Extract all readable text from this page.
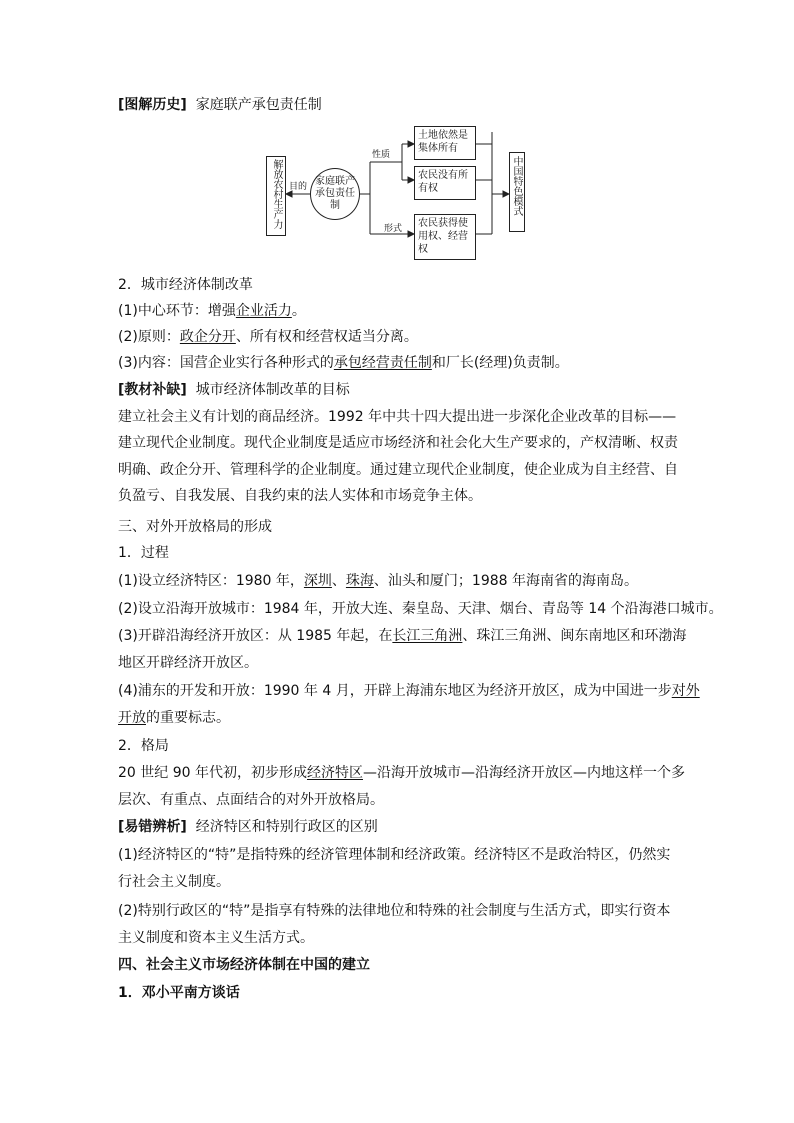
[图解历史] 家庭联产承包责任制
解放农村生产力 目的 家庭联产承包责任制
性质
形式
土地依然是集体所有
农民没有所有权
农民获得使用权、经营权
中国特色模式
2．城市经济体制改革
(1)中心环节：增强企业活力。
(2)原则：政企分开、所有权和经营权适当分离。
(3)内容：国营企业实行各种形式的承包经营责任制和厂长(经理)负责制。
[教材补缺] 城市经济体制改革的目标
建立社会主义有计划的商品经济。1992 年中共十四大提出进一步深化企业改革的目标——
建立现代企业制度。现代企业制度是适应市场经济和社会化大生产要求的，产权清晰、权责
明确、政企分开、管理科学的企业制度。通过建立现代企业制度，使企业成为自主经营、自
负盈亏、自我发展、自我约束的法人实体和市场竞争主体。
三、对外开放格局的形成
1．过程
(1)设立经济特区：1980 年，深圳、珠海、汕头和厦门；1988 年海南省的海南岛。
(2)设立沿海开放城市：1984 年，开放大连、秦皇岛、天津、烟台、青岛等 14 个沿海港口城市。
(3)开辟沿海经济开放区：从 1985 年起，在长江三角洲、珠江三角洲、闽东南地区和环渤海
地区开辟经济开放区。
(4)浦东的开发和开放：1990 年 4 月，开辟上海浦东地区为经济开放区，成为中国进一步对外
开放的重要标志。
2．格局
20 世纪 90 年代初，初步形成经济特区—沿海开放城市—沿海经济开放区—内地这样一个多
层次、有重点、点面结合的对外开放格局。
[易错辨析] 经济特区和特别行政区的区别
(1)经济特区的“特”是指特殊的经济管理体制和经济政策。经济特区不是政治特区，仍然实
行社会主义制度。
(2)特别行政区的“特”是指享有特殊的法律地位和特殊的社会制度与生活方式，即实行资本
主义制度和资本主义生活方式。
四、社会主义市场经济体制在中国的建立
1．邓小平南方谈话
